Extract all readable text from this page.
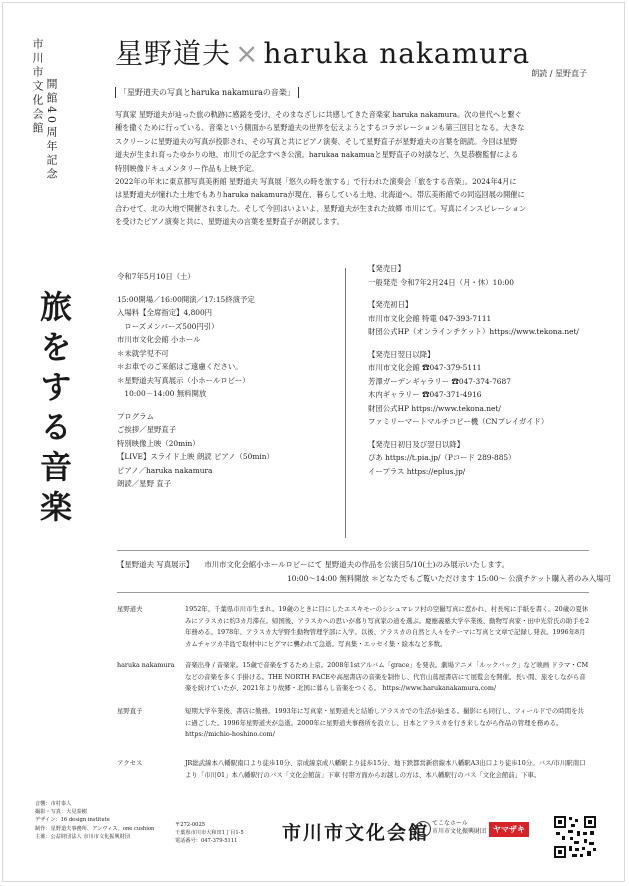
市川市文化会館 開館40周年記念
旅をする音楽
星野道夫 × haruka nakamura
朗読 / 星野直子
「星野道夫の写真とharuka nakamuraの音楽」

写真家 星野道夫が辿った旅の軌跡に感銘を受け、そのまなざしに共感してきた音楽家 haruka nakamura。次の世代へと繋ぐ

種を撒くために行っている、音楽という側面から星野道夫の世界を伝えようとするコラボレーションも第三回目となる。大きな

スクリーンに星野道夫の写真が投影され、その写真と共にピアノ演奏、そして星野直子が星野道夫の言葉を朗読。今回は星野

道夫が生まれ育ったゆかりの地、市川での記念すべき公演。harukaa nakamuaと星野直子の対談など、久見恭樹監督による

特別映像ドキュメンタリー作品も上映予定。

2022年の年末に東京都写真美術館 星野道夫 写真展「悠久の時を旅する」で行われた演奏会「旅をする音楽」。2024年4月に

は星野道夫が憧れた土地でもありharuka nakamuraが現在、暮らしている土地、北海道へ。帯広美術館での同巡回展の開催に

合わせて、北の大地で開催されました。そして今回はいよいよ、星野道夫が生まれた故郷 市川にて。写真にインスピレーション

を受けたピアノ演奏と共に、星野道夫の言葉を星野直子が朗読します。

令和7年5月10日（土）
15:00開場／16:00開演／17:15終演予定
入場料【全席指定】4,800円
　ローズメンバーズ500円引）
市川市文化会館 小ホール
＊未就学児不可
＊お車でのご来館はご遠慮ください。
＊星野道夫写真展示（小ホールロビー）
　10:00－14:00 無料開放
プログラム
ご挨拶／星野直子
特別映像上映（20min）
【LIVE】スライド上映 朗読 ピアノ（50min）
ピアノ／haruka nakamura
朗読／星野 直子
【発売日】
一般発売 令和7年2月24日（月・休）10:00
【発売初日】
市川市文化会館 特電 047-393-7111
財団公式HP（オンラインチケット）https://www.tekona.net/
【発売日翌日以降】
市川市文化会館 ☎047-379-5111
芳澤ガーデンギャラリー ☎047-374-7687
木内ギャラリー ☎047-371-4916
財団公式HP https://www.tekona.net/
ファミリーマートマルチコピー機（CNプレイガイド）
【発売日初日及び翌日以降】
ぴあ https://t.pia.jp/（Pコード 289-885）
イープラス https://eplus.jp/
【星野道夫 写真展示】　　 市川市文化会館小ホールロビーにて 星野道夫の作品を公演日5/10(土)のみ展示いたします。
10:00～14:00 無料開放 ＊どなたでもご覧いただけます 15:00～ 公演チケット購入者のみ入場可
星野道夫	1952年、千葉県市川市生まれ。19歳のときに目にしたエスキモーのシシュマレフ村の空撮写真に惹かれ、村長宛に手紙を書く。20歳の夏休みにアラスカに約3カ月滞在。帰国後、アラスカへの思いが募り写真家の道を選ぶ。慶應義塾大学卒業後、動物写真家・田中光常氏の助手を2年務める。1978年、アラスカ大学野生動物管理学部に入学。以後、アラスカの自然と人々をテーマに写真と文章で記録し発表。1996年8月 カムチャツカ半島で取材中にヒグマに襲われて急逝。写真集・エッセイ集・絵本など多数。
haruka nakamura	音楽出身 / 音楽家。15歳で音楽をするため上京。2008年1stアルバム「grace」を発表。劇場アニメ「ルックバック」など映画 ドラマ・CMなどの音楽を多く手掛ける。THE NORTH FACEや高屋書店の音楽を制作し、代官山蔦屋書店にて展覧会を開催。長い間、旅をしながら音楽を続けていたが、2021年より故郷・北国に暮らし音楽をつくる。 https://www.harukanakamura.com/
星野直子	短期大学卒業後、書店に勤務。1993年に写真家・星野道夫と結婚しアラスカでの生活が始まる。撮影にも同行し、フィールドでの時間を共に過ごした。1996年星野道夫が急逝。2000年に星野道夫事務所を設立し、日本とアラスカを行き来しながら作品の管理を務める。 https://michio-hoshino.com/
アクセス	JR総武線本八幡駅南口より徒歩10分、京成線京成八幡駅より徒歩15分、地下鉄都営新宿線本八幡駅A3出口より徒歩10分。バス/市川駅南口より「市川01」本八幡駅行のバス「文化会館前」下車 付帯方面からお越しの方は、本八幡駅行のバス「文化会館前」下車。
音響：市村泰人
撮影・写真：大見泰樹
デザイン：16 design institute
制作：星野道夫事務所、アンヴィス、one cushion
主催：公益財団法人 市川市文化振興財団
〒272-0025
千葉県市川市大和田1丁目1-5
電話番号：047-379-5111	市川市文化会館 てこなホール
市川市文化振興財団 ヤマザキ
